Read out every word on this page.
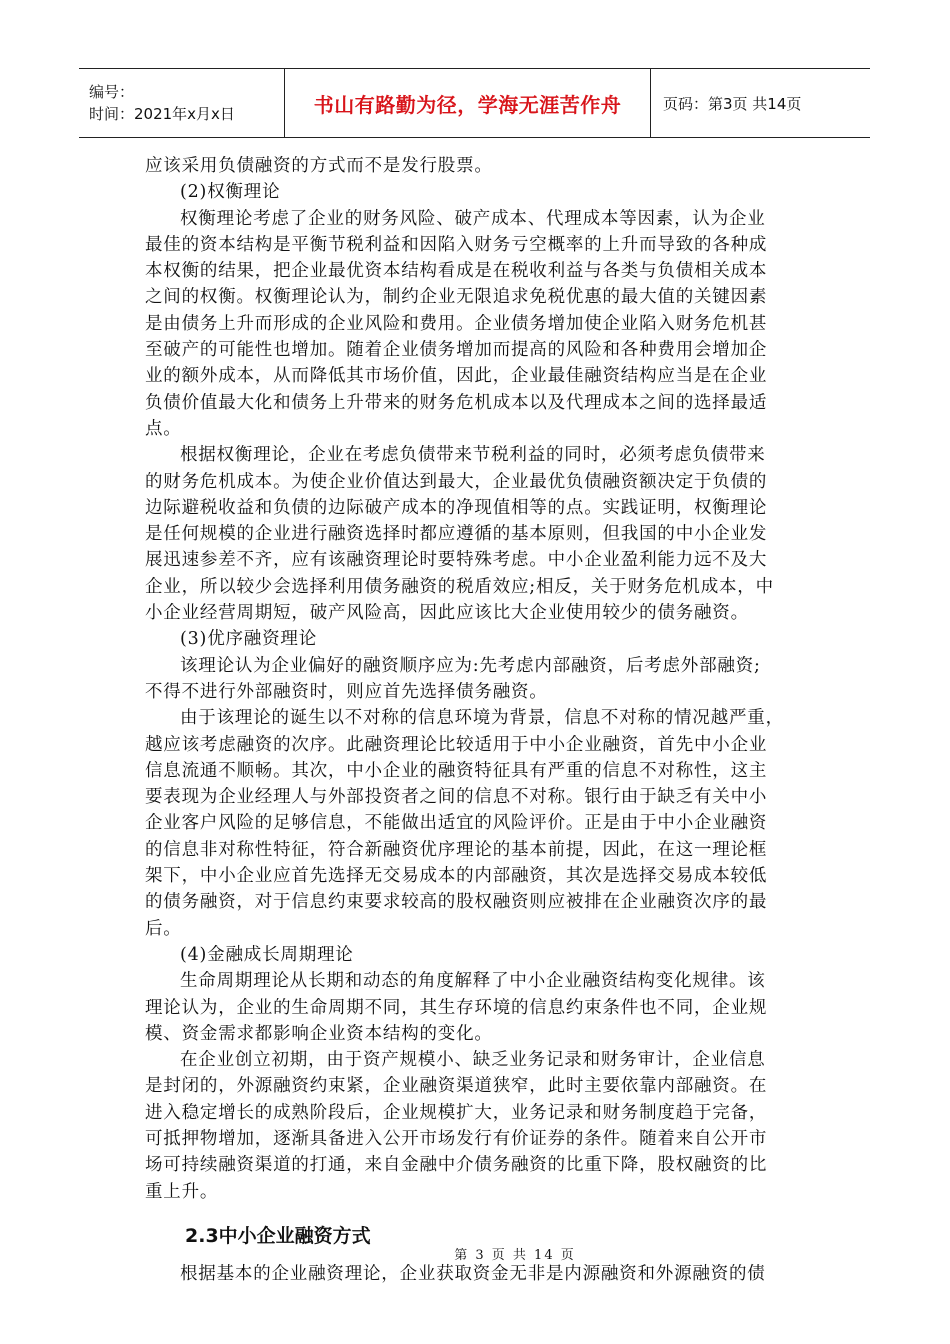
编号：
时间：2021年x月x日	书山有路勤为径，学海无涯苦作舟	页码：第3页 共14页
应该采用负债融资的方式而不是发行股票。
(2)权衡理论
权衡理论考虑了企业的财务风险、破产成本、代理成本等因素，认为企业
最佳的资本结构是平衡节税利益和因陷入财务亏空概率的上升而导致的各种成
本权衡的结果，把企业最优资本结构看成是在税收利益与各类与负债相关成本
之间的权衡。权衡理论认为，制约企业无限追求免税优惠的最大值的关键因素
是由债务上升而形成的企业风险和费用。企业债务增加使企业陷入财务危机甚
至破产的可能性也增加。随着企业债务增加而提高的风险和各种费用会增加企
业的额外成本，从而降低其市场价值，因此，企业最佳融资结构应当是在企业
负债价值最大化和债务上升带来的财务危机成本以及代理成本之间的选择最适
点。
根据权衡理论，企业在考虑负债带来节税利益的同时，必须考虑负债带来
的财务危机成本。为使企业价值达到最大，企业最优负债融资额决定于负债的
边际避税收益和负债的边际破产成本的净现值相等的点。实践证明，权衡理论
是任何规模的企业进行融资选择时都应遵循的基本原则，但我国的中小企业发
展迅速参差不齐，应有该融资理论时要特殊考虑。中小企业盈利能力远不及大
企业，所以较少会选择利用债务融资的税盾效应;相反，关于财务危机成本，中
小企业经营周期短，破产风险高，因此应该比大企业使用较少的债务融资。
(3)优序融资理论
该理论认为企业偏好的融资顺序应为:先考虑内部融资，后考虑外部融资;
不得不进行外部融资时，则应首先选择债务融资。
由于该理论的诞生以不对称的信息环境为背景，信息不对称的情况越严重，
越应该考虑融资的次序。此融资理论比较适用于中小企业融资，首先中小企业
信息流通不顺畅。其次，中小企业的融资特征具有严重的信息不对称性，这主
要表现为企业经理人与外部投资者之间的信息不对称。银行由于缺乏有关中小
企业客户风险的足够信息，不能做出适宜的风险评价。正是由于中小企业融资
的信息非对称性特征，符合新融资优序理论的基本前提，因此，在这一理论框
架下，中小企业应首先选择无交易成本的内部融资，其次是选择交易成本较低
的债务融资，对于信息约束要求较高的股权融资则应被排在企业融资次序的最
后。
(4)金融成长周期理论
生命周期理论从长期和动态的角度解释了中小企业融资结构变化规律。该
理论认为，企业的生命周期不同，其生存环境的信息约束条件也不同，企业规
模、资金需求都影响企业资本结构的变化。
在企业创立初期，由于资产规模小、缺乏业务记录和财务审计，企业信息
是封闭的，外源融资约束紧，企业融资渠道狭窄，此时主要依靠内部融资。在
进入稳定增长的成熟阶段后，企业规模扩大，业务记录和财务制度趋于完备，
可抵押物增加，逐渐具备进入公开市场发行有价证券的条件。随着来自公开市
场可持续融资渠道的打通，来自金融中介债务融资的比重下降，股权融资的比
重上升。
2.3中小企业融资方式
根据基本的企业融资理论，企业获取资金无非是内源融资和外源融资的债
第 3 页 共 14 页
